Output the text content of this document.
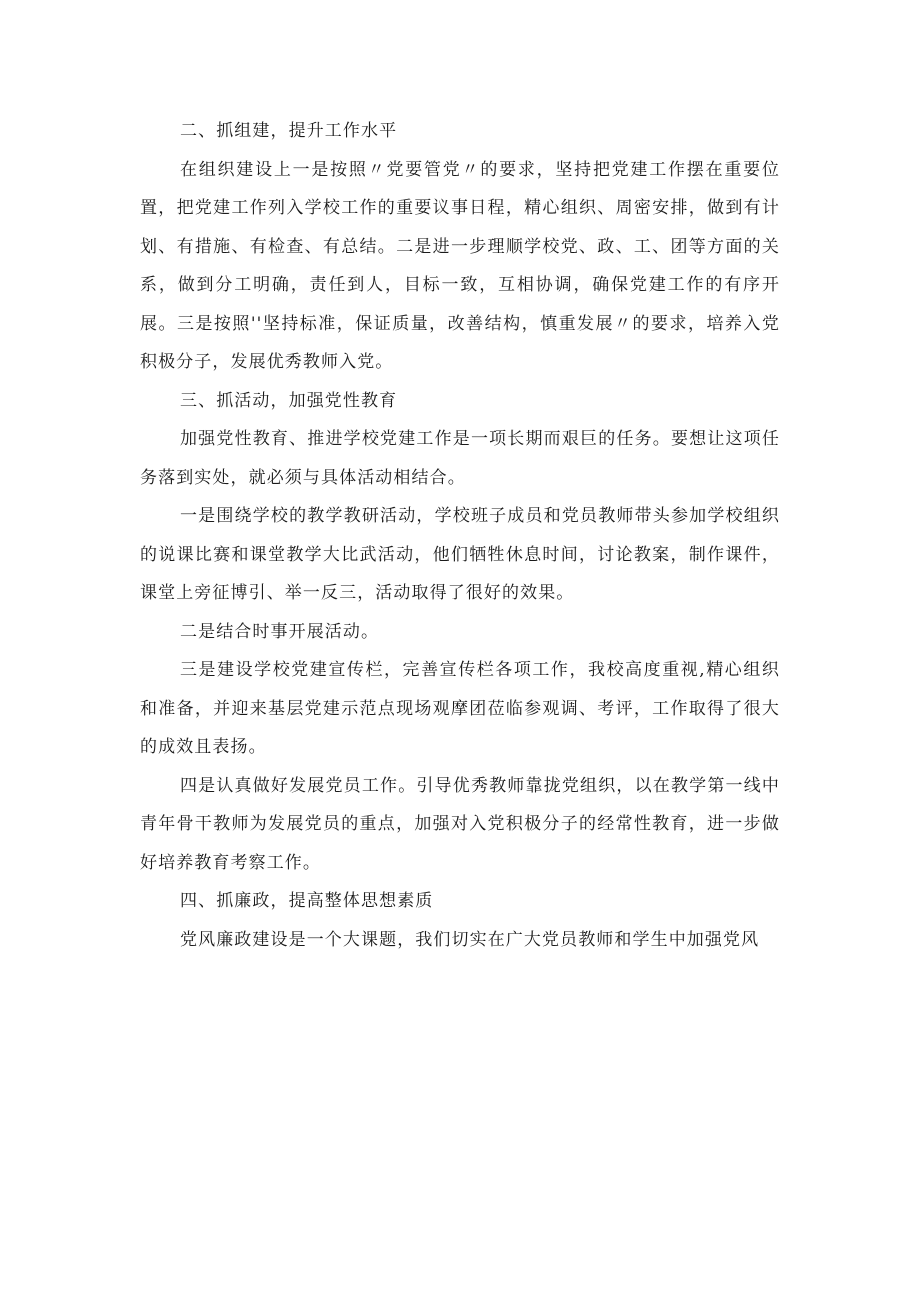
二、抓组建，提升工作水平

在组织建设上一是按照〃党要管党〃的要求，坚持把党建工作摆在重要位置，把党建工作列入学校工作的重要议事日程，精心组织、周密安排，做到有计划、有措施、有检查、有总结。二是进一步理顺学校党、政、工、团等方面的关系，做到分工明确，责任到人，目标一致，互相协调，确保党建工作的有序开展。三是按照''坚持标准，保证质量，改善结构，慎重发展〃的要求，培养入党积极分子，发展优秀教师入党。

三、抓活动，加强党性教育

加强党性教育、推进学校党建工作是一项长期而艰巨的任务。要想让这项任务落到实处，就必须与具体活动相结合。

一是围绕学校的教学教研活动，学校班子成员和党员教师带头参加学校组织的说课比赛和课堂教学大比武活动，他们牺牲休息时间，讨论教案，制作课件，课堂上旁征博引、举一反三，活动取得了很好的效果。

二是结合时事开展活动。

三是建设学校党建宣传栏，完善宣传栏各项工作，我校高度重视,精心组织和准备，并迎来基层党建示范点现场观摩团莅临参观调、考评，工作取得了很大的成效且表扬。

四是认真做好发展党员工作。引导优秀教师靠拢党组织，以在教学第一线中青年骨干教师为发展党员的重点，加强对入党积极分子的经常性教育，进一步做好培养教育考察工作。

四、抓廉政，提高整体思想素质

党风廉政建设是一个大课题，我们切实在广大党员教师和学生中加强党风
